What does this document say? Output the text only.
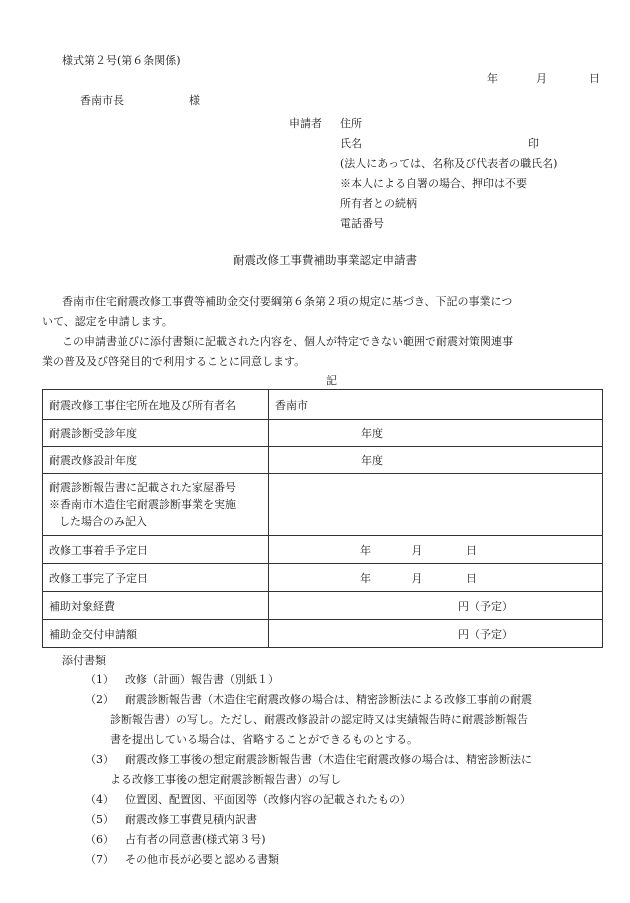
様式第２号(第６条関係)
年	月	日
香南市長	様
申請者 住所
氏名	印
(法人にあっては、名称及び代表者の職氏名)
※本人による自署の場合、押印は不要
所有者との続柄
電話番号
耐震改修工事費補助事業認定申請書
香南市住宅耐震改修工事費等補助金交付要綱第６条第２項の規定に基づき、下記の事業につ
いて、認定を申請します。
この申請書並びに添付書類に記載された内容を、個人が特定できない範囲で耐震対策関連事
業の普及及び啓発目的で利用することに同意します。
記
耐震改修工事住宅所在地及び所有者名	香南市
耐震診断受診年度	年度
耐震改修設計年度	年度

耐震診断報告書に記載された家屋番号
※香南市木造住宅耐震診断事業を実施
した場合のみ記入	

改修工事着手予定日	年 月 日
改修工事完了予定日	年 月 日
補助対象経費	円（予定）
補助金交付申請額	円（予定）
添付書類
（1） 改修（計画）報告書（別紙１）
（2） 耐震診断報告書（木造住宅耐震改修の場合は、精密診断法による改修工事前の耐震
診断報告書）の写し。ただし、耐震改修設計の認定時又は実績報告時に耐震診断報告
書を提出している場合は、省略することができるものとする。
（3） 耐震改修工事後の想定耐震診断報告書（木造住宅耐震改修の場合は、精密診断法に
よる改修工事後の想定耐震診断報告書）の写し
（4） 位置図、配置図、平面図等（改修内容の記載されたもの）
（5） 耐震改修工事費見積内訳書
（6） 占有者の同意書(様式第３号)
（7） その他市長が必要と認める書類
